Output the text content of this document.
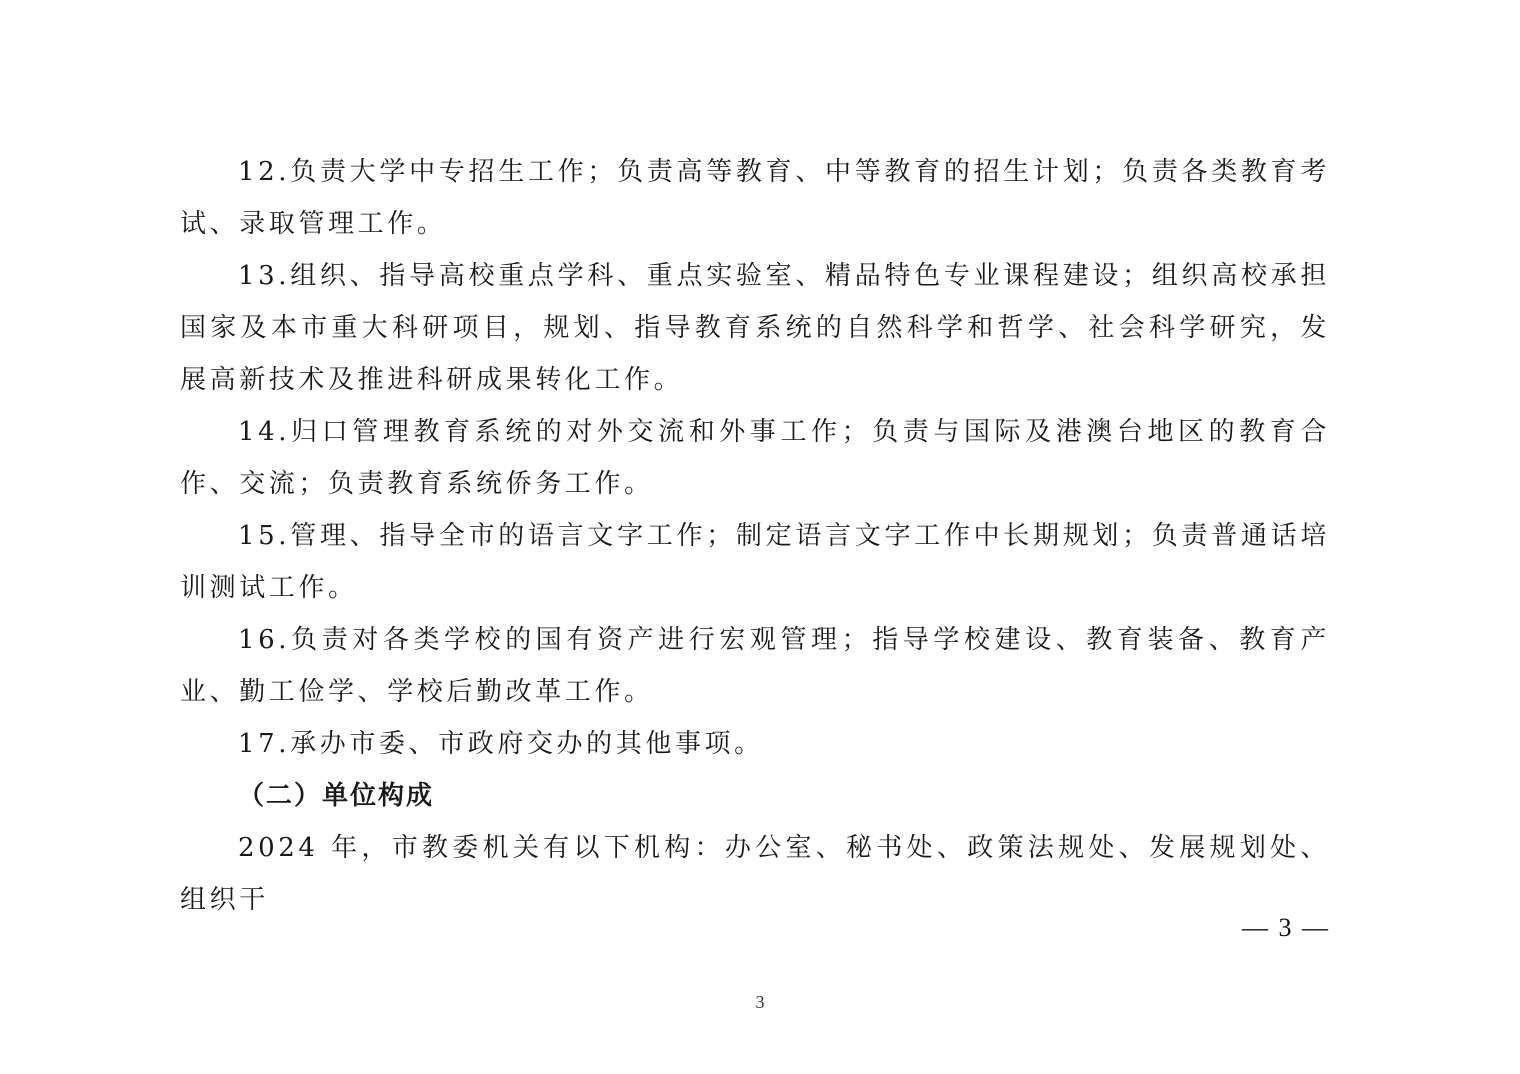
12.负责大学中专招生工作；负责高等教育、中等教育的招生计划；负责各类教育考试、录取管理工作。

13.组织、指导高校重点学科、重点实验室、精品特色专业课程建设；组织高校承担国家及本市重大科研项目，规划、指导教育系统的自然科学和哲学、社会科学研究，发展高新技术及推进科研成果转化工作。

14.归口管理教育系统的对外交流和外事工作；负责与国际及港澳台地区的教育合作、交流；负责教育系统侨务工作。

15.管理、指导全市的语言文字工作；制定语言文字工作中长期规划；负责普通话培训测试工作。

16.负责对各类学校的国有资产进行宏观管理；指导学校建设、教育装备、教育产业、勤工俭学、学校后勤改革工作。

17.承办市委、市政府交办的其他事项。

（二）单位构成

2024 年，市教委机关有以下机构：办公室、秘书处、政策法规处、发展规划处、组织干

— 3 —
3
